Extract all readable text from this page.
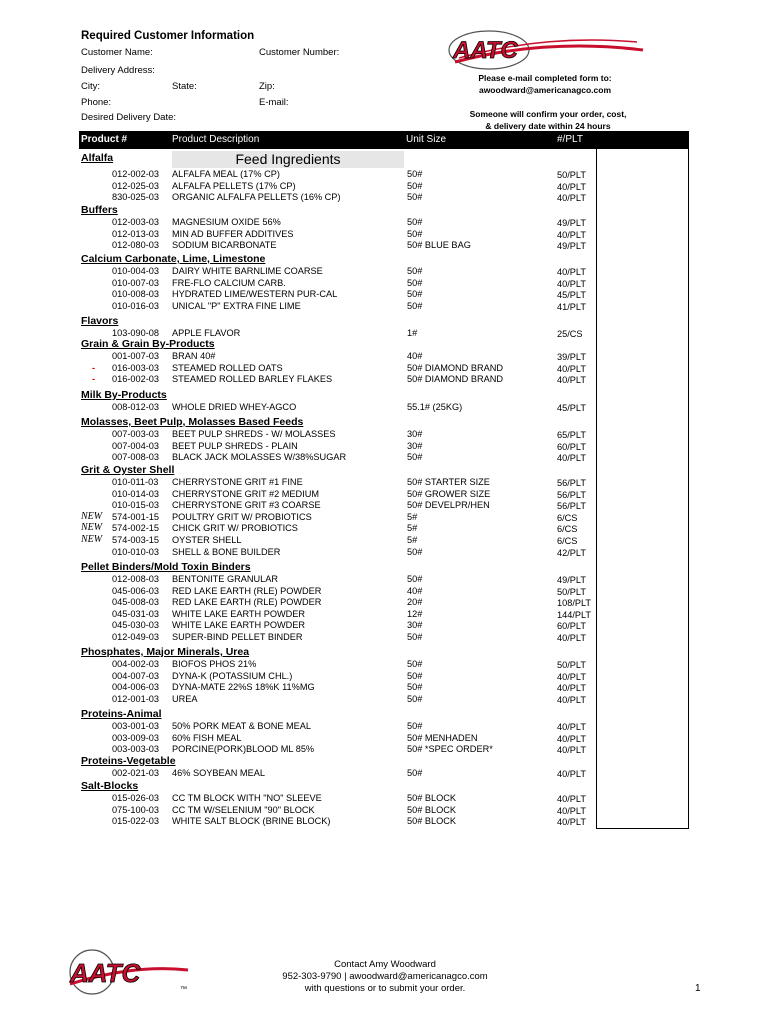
Required Customer Information
Customer Name:	Customer Number:
Delivery Address:
City:	State:	Zip:
Phone:	E-mail:
Desired Delivery Date:
AATC
Please e-mail completed form to:
awoodward@americanagco.com
Someone will confirm your order, cost,
& delivery date within 24 hours
Product #	Product Description	Unit Size	#/PLT
Feed Ingredients
Alfalfa
012-002-03 ALFALFA MEAL (17% CP)	50#	50/PLT
012-025-03 ALFALFA PELLETS (17% CP)	50#	40/PLT
830-025-03 ORGANIC ALFALFA PELLETS (16% CP)	50#	40/PLT
Buffers
012-003-03 MAGNESIUM OXIDE 56%	50#	49/PLT
012-013-03 MIN AD BUFFER ADDITIVES	50#	40/PLT
012-080-03 SODIUM BICARBONATE	50# BLUE BAG	49/PLT
Calcium Carbonate, Lime, Limestone
010-004-03 DAIRY WHITE BARNLIME COARSE	50#	40/PLT
010-007-03 FRE-FLO CALCIUM CARB.	50#	40/PLT
010-008-03 HYDRATED LIME/WESTERN PUR-CAL	50#	45/PLT
010-016-03 UNICAL "P" EXTRA FINE LIME	50#	41/PLT
Flavors
103-090-08 APPLE FLAVOR	1#	25/CS
Grain & Grain By-Products
001-007-03 BRAN 40#	40#	39/PLT
- 016-003-03 STEAMED ROLLED OATS	50# DIAMOND BRAND	40/PLT
- 016-002-03 STEAMED ROLLED BARLEY FLAKES	50# DIAMOND BRAND	40/PLT
Milk By-Products
008-012-03 WHOLE DRIED WHEY-AGCO	55.1# (25KG)	45/PLT
Molasses, Beet Pulp, Molasses Based Feeds
007-003-03 BEET PULP SHREDS - W/ MOLASSES	30#	65/PLT
007-004-03 BEET PULP SHREDS - PLAIN	30#	60/PLT
007-008-03 BLACK JACK MOLASSES W/38%SUGAR	50#	40/PLT
Grit & Oyster Shell
010-011-03 CHERRYSTONE GRIT #1 FINE	50# STARTER SIZE	56/PLT
010-014-03 CHERRYSTONE GRIT #2 MEDIUM	50# GROWER SIZE	56/PLT
010-015-03 CHERRYSTONE GRIT #3 COARSE	50# DEVELPR/HEN	56/PLT
NEW 574-001-15 POULTRY GRIT W/ PROBIOTICS	5#	6/CS
NEW 574-002-15 CHICK GRIT W/ PROBIOTICS	5#	6/CS
NEW 574-003-15 OYSTER SHELL	5#	6/CS
010-010-03 SHELL & BONE BUILDER	50#	42/PLT
Pellet Binders/Mold Toxin Binders
012-008-03 BENTONITE GRANULAR	50#	49/PLT
045-006-03 RED LAKE EARTH (RLE) POWDER	40#	50/PLT
045-008-03 RED LAKE EARTH (RLE) POWDER	20#	108/PLT
045-031-03 WHITE LAKE EARTH POWDER	12#	144/PLT
045-030-03 WHITE LAKE EARTH POWDER	30#	60/PLT
012-049-03 SUPER-BIND PELLET BINDER	50#	40/PLT
Phosphates, Major Minerals, Urea
004-002-03 BIOFOS PHOS 21%	50#	50/PLT
004-007-03 DYNA-K (POTASSIUM CHL.)	50#	40/PLT
004-006-03 DYNA-MATE 22%S 18%K 11%MG	50#	40/PLT
012-001-03 UREA	50#	40/PLT
Proteins-Animal
003-001-03 50% PORK MEAT & BONE MEAL	50#	40/PLT
003-009-03 60% FISH MEAL	50# MENHADEN	40/PLT
003-003-03 PORCINE(PORK)BLOOD ML 85%	50# *SPEC ORDER*	40/PLT
Proteins-Vegetable
002-021-03 46% SOYBEAN MEAL	50#	40/PLT
Salt-Blocks
015-026-03 CC TM BLOCK WITH "NO" SLEEVE	50# BLOCK	40/PLT
075-100-03 CC TM W/SELENIUM "90" BLOCK	50# BLOCK	40/PLT
015-022-03 WHITE SALT BLOCK (BRINE BLOCK)	50# BLOCK	40/PLT
AATC
™
Contact Amy Woodward
952-303-9790 | awoodward@americanagco.com
with questions or to submit your order.	1
